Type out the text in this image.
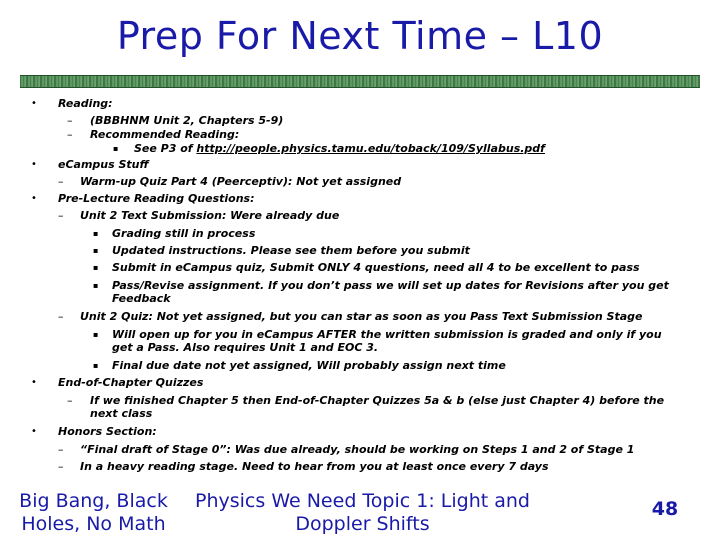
Prep For Next Time – L10
• Reading:
– (BBBHNM Unit 2, Chapters 5-9)
– Recommended Reading:
▪ See P3 of http://people.physics.tamu.edu/toback/109/Syllabus.pdf
• eCampus Stuff
– Warm-up Quiz Part 4 (Peerceptiv): Not yet assigned
• Pre-Lecture Reading Questions:
– Unit 2 Text Submission: Were already due
▪ Grading still in process
▪ Updated instructions. Please see them before you submit
▪ Submit in eCampus quiz, Submit ONLY 4 questions, need all 4 to be excellent to pass
▪ Pass/Revise assignment. If you don’t pass we will set up dates for Revisions after you get Feedback
– Unit 2 Quiz: Not yet assigned, but you can star as soon as you Pass Text Submission Stage
▪ Will open up for you in eCampus AFTER the written submission is graded and only if you get a Pass. Also requires Unit 1 and EOC 3.
▪ Final due date not yet assigned, Will probably assign next time
• End-of-Chapter Quizzes
– If we finished Chapter 5 then End-of-Chapter Quizzes 5a & b (else just Chapter 4) before the next class
• Honors Section:
– “Final draft of Stage 0”: Was due already, should be working on Steps 1 and 2 of Stage 1
– In a heavy reading stage. Need to hear from you at least once every 7 days
Big Bang, Black Holes, No Math
Physics We Need Topic 1: Light and Doppler Shifts
48
